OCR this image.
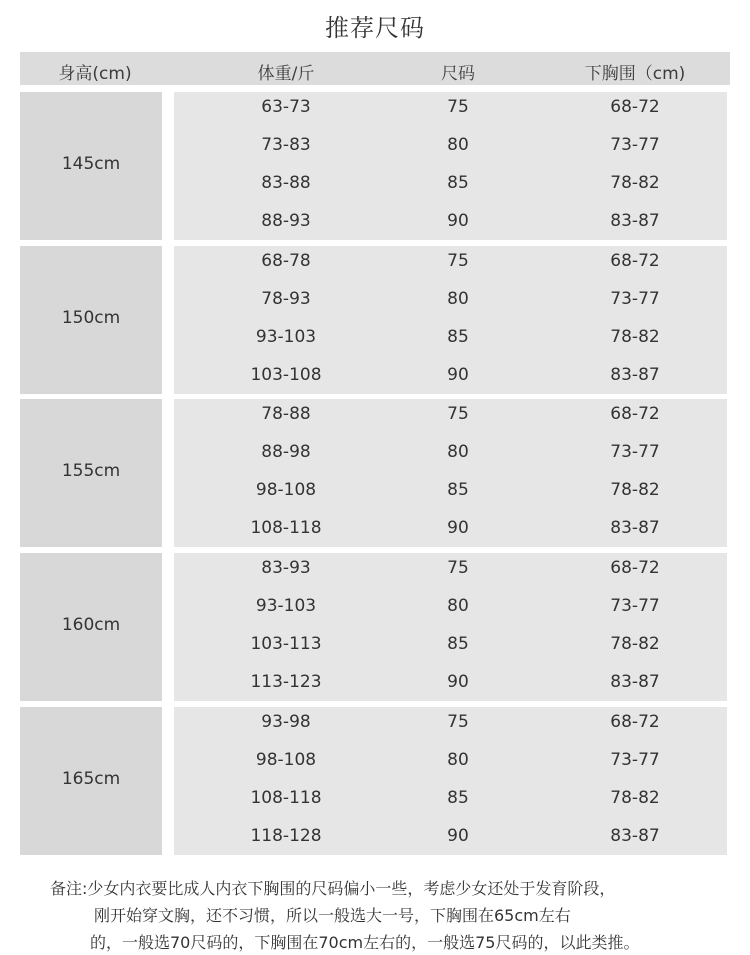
推荐尺码
身高(cm)	体重/斤	尺码	下胸围（cm)
145cm
63-73	75	68-72
73-83	80	73-77
83-88	85	78-82
88-93	90	83-87
150cm
68-78	75	68-72
78-93	80	73-77
93-103	85	78-82
103-108	90	83-87
155cm
78-88	75	68-72
88-98	80	73-77
98-108	85	78-82
108-118	90	83-87
160cm
83-93	75	68-72
93-103	80	73-77
103-113	85	78-82
113-123	90	83-87
165cm
93-98	75	68-72
98-108	80	73-77
108-118	85	78-82
118-128	90	83-87
备注:少女内衣要比成人内衣下胸围的尺码偏小一些，考虑少女还处于发育阶段，
刚开始穿文胸，还不习惯，所以一般选大一号，下胸围在65cm左右
的，一般选70尺码的，下胸围在70cm左右的，一般选75尺码的，以此类推。
